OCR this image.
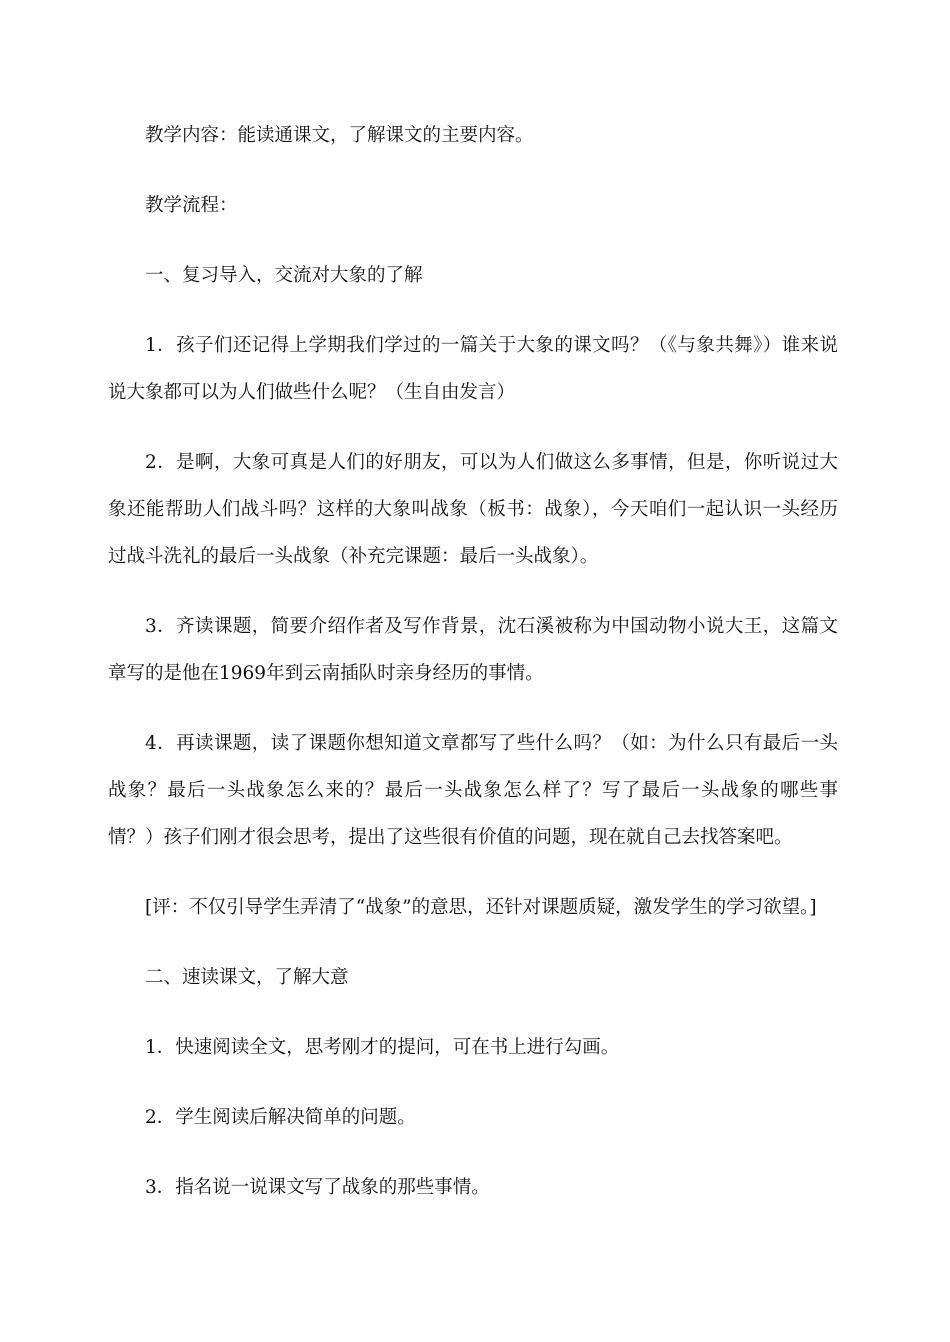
教学内容：能读通课文，了解课文的主要内容。

教学流程：

一、复习导入，交流对大象的了解

1．孩子们还记得上学期我们学过的一篇关于大象的课文吗？（《与象共舞》）谁来说说大象都可以为人们做些什么呢？（生自由发言）

2．是啊，大象可真是人们的好朋友，可以为人们做这么多事情，但是，你听说过大象还能帮助人们战斗吗？这样的大象叫战象（板书：战象），今天咱们一起认识一头经历过战斗洗礼的最后一头战象（补充完课题：最后一头战象）。

3．齐读课题，简要介绍作者及写作背景，沈石溪被称为中国动物小说大王，这篇文章写的是他在1969年到云南插队时亲身经历的事情。

4．再读课题，读了课题你想知道文章都写了些什么吗？（如：为什么只有最后一头战象？最后一头战象怎么来的？最后一头战象怎么样了？写了最后一头战象的哪些事情？）孩子们刚才很会思考，提出了这些很有价值的问题，现在就自己去找答案吧。

[评：不仅引导学生弄清了“战象”的意思，还针对课题质疑，激发学生的学习欲望。]

二、速读课文，了解大意

1．快速阅读全文，思考刚才的提问，可在书上进行勾画。

2．学生阅读后解决简单的问题。

3．指名说一说课文写了战象的那些事情。
